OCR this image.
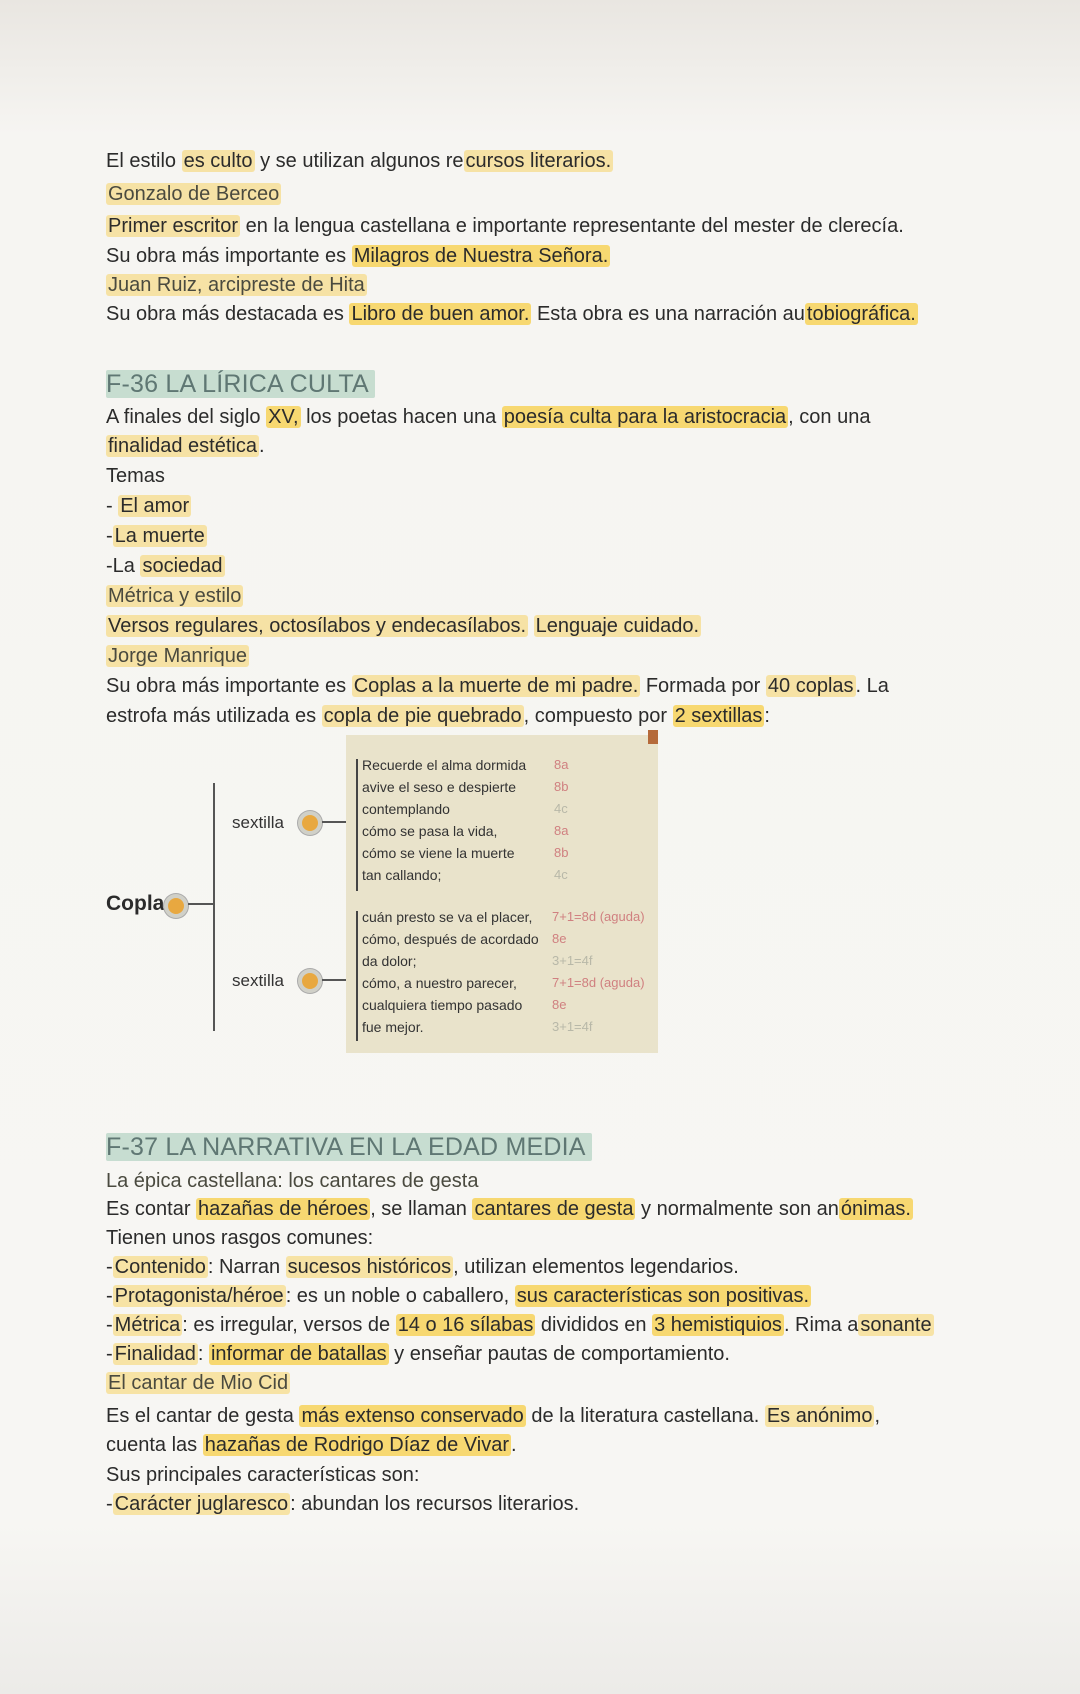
El estilo es culto y se utilizan algunos re cursos literarios.
Gonzalo de Berceo
Primer escritor en la lengua castellana e importante representante del mester de clerecía.
Su obra más importante es Milagros de Nuestra Señora.
Juan Ruiz, arcipreste de Hita
Su obra más destacada es Libro de buen amor. Esta obra es una narración au tobiográfica.
F-36 LA LÍRICA CULTA
A finales del siglo XV, los poetas hacen una poesía culta para la aristocracia , con una
finalidad estética .
Temas
- El amor
- La muerte
-La sociedad
Métrica y estilo
Versos regulares, octosílabos y endecasílabos. Lenguaje cuidado.
Jorge Manrique
Su obra más importante es Coplas a la muerte de mi padre. Formada por 40 coplas . La
estrofa más utilizada es copla de pie quebrado , compuesto por 2 sextillas :
Copla
sextilla
sextilla
Recuerde el alma dormida 8a
avive el seso e despierte	8b
contemplando	4c
cómo se pasa la vida,	8a
cómo se viene la muerte	8b
tan callando;	4c
cuán presto se va el placer, 7+1=8d (aguda)
cómo, después de acordado 8e
da dolor;	3+1=4f
cómo, a nuestro parecer,	7+1=8d (aguda)
cualquiera tiempo pasado 8e
fue mejor.	3+1=4f
F-37 LA NARRATIVA EN LA EDAD MEDIA
La épica castellana: los cantares de gesta
Es contar hazañas de héroes , se llaman cantares de gesta y normalmente son an ónimas.
Tienen unos rasgos comunes:
- Contenido : Narran sucesos históricos , utilizan elementos legendarios.
- Protagonista/héroe : es un noble o caballero, sus características son positivas.
- Métrica : es irregular, versos de 14 o 16 sílabas divididos en 3 hemistiquios . Rima a sonante
- Finalidad : informar de batallas y enseñar pautas de comportamiento.
El cantar de Mio Cid
Es el cantar de gesta más extenso conservado de la literatura castellana. Es anónimo ,
cuenta las hazañas de Rodrigo Díaz de Vivar .
Sus principales características son:
- Carácter juglaresco : abundan los recursos literarios.
